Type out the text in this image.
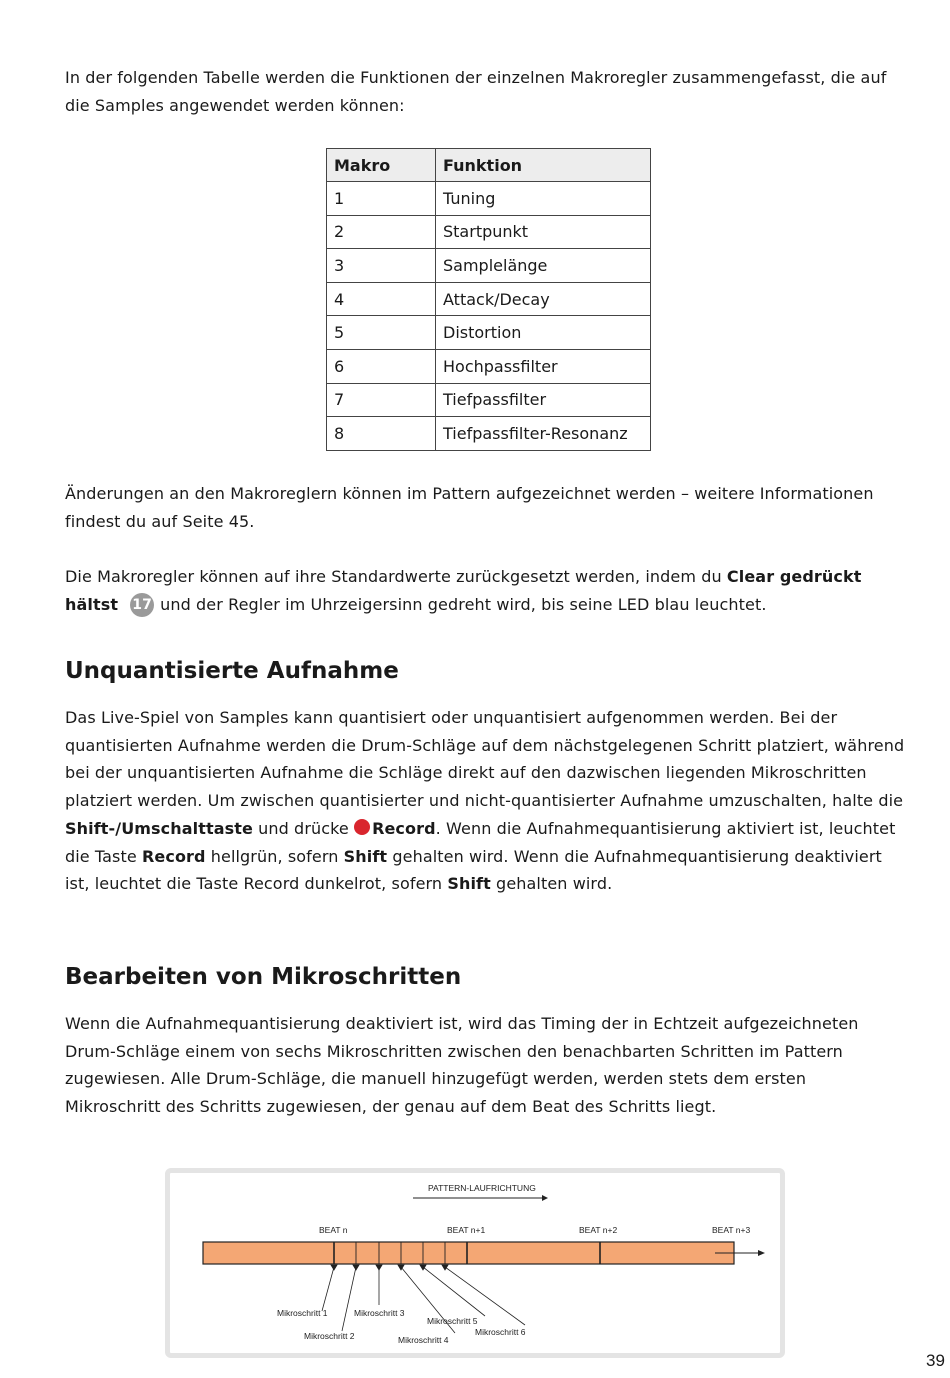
In der folgenden Tabelle werden die Funktionen der einzelnen Makroregler zusammengefasst, die auf die Samples angewendet werden können:

Makro	Funktion
1	Tuning
2	Startpunkt
3	Samplelänge
4	Attack/Decay
5	Distortion
6	Hochpassfilter
7	Tiefpassfilter
8	Tiefpassfilter-Resonanz

Änderungen an den Makroreglern können im Pattern aufgezeichnet werden – weitere Informationen findest du auf Seite 45.

Die Makroregler können auf ihre Standardwerte zurückgesetzt werden, indem du Clear gedrückt hältst 17 und der Regler im Uhrzeigersinn gedreht wird, bis seine LED blau leuchtet.

Unquantisierte Aufnahme

Das Live-Spiel von Samples kann quantisiert oder unquantisiert aufgenommen werden. Bei der quantisierten Aufnahme werden die Drum-Schläge auf dem nächstgelegenen Schritt platziert, während bei der unquantisierten Aufnahme die Schläge direkt auf den dazwischen liegenden Mikroschritten platziert werden. Um zwischen quantisierter und nicht-quantisierter Aufnahme umzuschalten, halte die Shift-/Umschalttaste und drücke Record. Wenn die Aufnahmequantisierung aktiviert ist, leuchtet die Taste Record hellgrün, sofern Shift gehalten wird. Wenn die Aufnahmequantisierung deaktiviert ist, leuchtet die Taste Record dunkelrot, sofern Shift gehalten wird.

Bearbeiten von Mikroschritten

Wenn die Aufnahmequantisierung deaktiviert ist, wird das Timing der in Echtzeit aufgezeichneten Drum-Schläge einem von sechs Mikroschritten zwischen den benachbarten Schritten im Pattern zugewiesen. Alle Drum-Schläge, die manuell hinzugefügt werden, werden stets dem ersten Mikroschritt des Schritts zugewiesen, der genau auf dem Beat des Schritts liegt.

PATTERN-LAUFRICHTUNG
BEAT n	BEAT n+1	BEAT n+2	BEAT n+3
Mikroschritt 1
Mikroschritt 2
Mikroschritt 3
Mikroschritt 4
Mikroschritt 5
Mikroschritt 6
39
